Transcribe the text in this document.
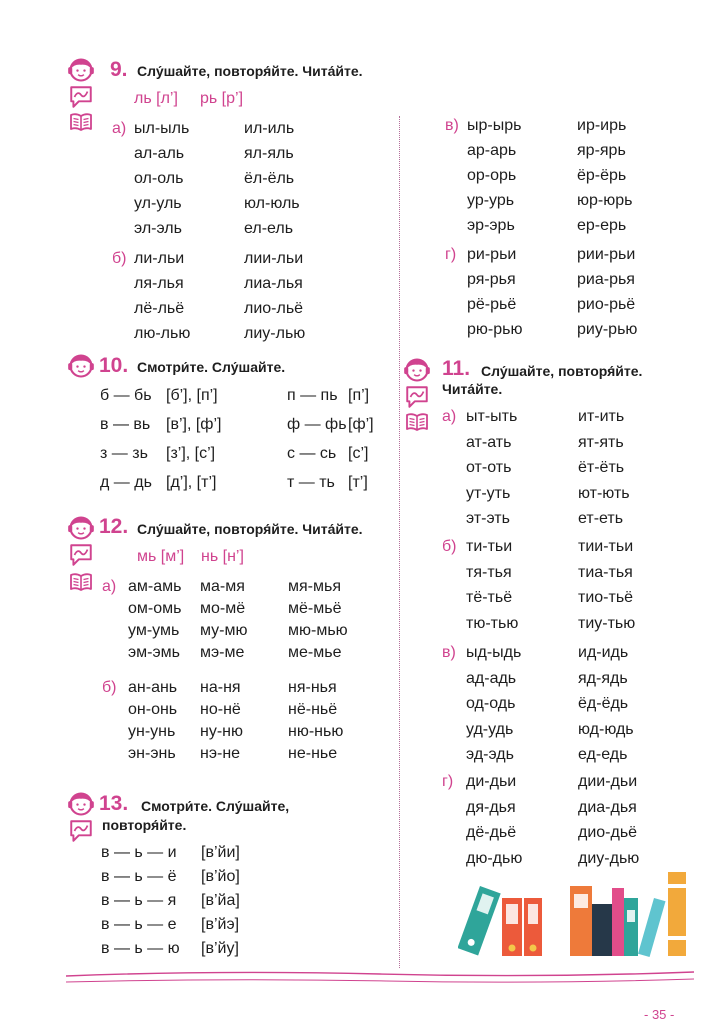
9. Слу́шайте, повторя́йте. Чита́йте.
ль [л’] рь [р’]
а) ыл-ыль
ал-аль
ол-оль
ул-уль
эл-эль
ил-иль
ял-яль
ёл-ёль
юл-юль
ел-ель
б) ли-льи
ля-лья
лё-льё
лю-лью
лии-льи
лиа-лья
лио-льё
лиу-лью
в) ыр-ырь
ар-арь
ор-орь
ур-урь
эр-эрь
ир-ирь
яр-ярь
ёр-ёрь
юр-юрь
ер-ерь
г) ри-рьи
ря-рья
рё-рьё
рю-рью
рии-рьи
риа-рья
рио-рьё
риу-рью
10. Смотри́те. Слу́шайте.
б — бь [б’], [п’]
в — вь [в’], [ф’]
з — зь [з’], [с’]
д — дь [д’], [т’]
п — пь [п’]
ф — фь [ф’]
с — сь [с’]
т — ть [т’]
11. Слу́шайте, повторя́йте.
Чита́йте.
а) ыт-ыть
ат-ать
от-оть
ут-уть
эт-эть
ит-ить
ят-ять
ёт-ёть
ют-ють
ет-еть
б) ти-тьи
тя-тья
тё-тьё
тю-тью
тии-тьи
тиа-тья
тио-тьё
тиу-тью
в) ыд-ыдь
ад-адь
од-одь
уд-удь
эд-эдь
ид-идь
яд-ядь
ёд-ёдь
юд-юдь
ед-едь
г) ди-дьи
дя-дья
дё-дьё
дю-дью
дии-дьи
диа-дья
дио-дьё
диу-дью
12. Слу́шайте, повторя́йте. Чита́йте.
мь [м’] нь [н’]
а) ам-амь
ом-омь
ум-умь
эм-эмь
ма-мя
мо-мё
му-мю
мэ-ме
мя-мья
мё-мьё
мю-мью
ме-мье
б) ан-ань
он-онь
ун-унь
эн-энь
на-ня
но-нё
ну-ню
нэ-не
ня-нья
нё-ньё
ню-нью
не-нье
13. Смотри́те. Слу́шайте,
повторя́йте.
в — ь — и [в’йи]
в — ь — ё [в’йо]
в — ь — я [в’йа]
в — ь — е [в’йэ]
в — ь — ю [в’йу]
- 35 -
